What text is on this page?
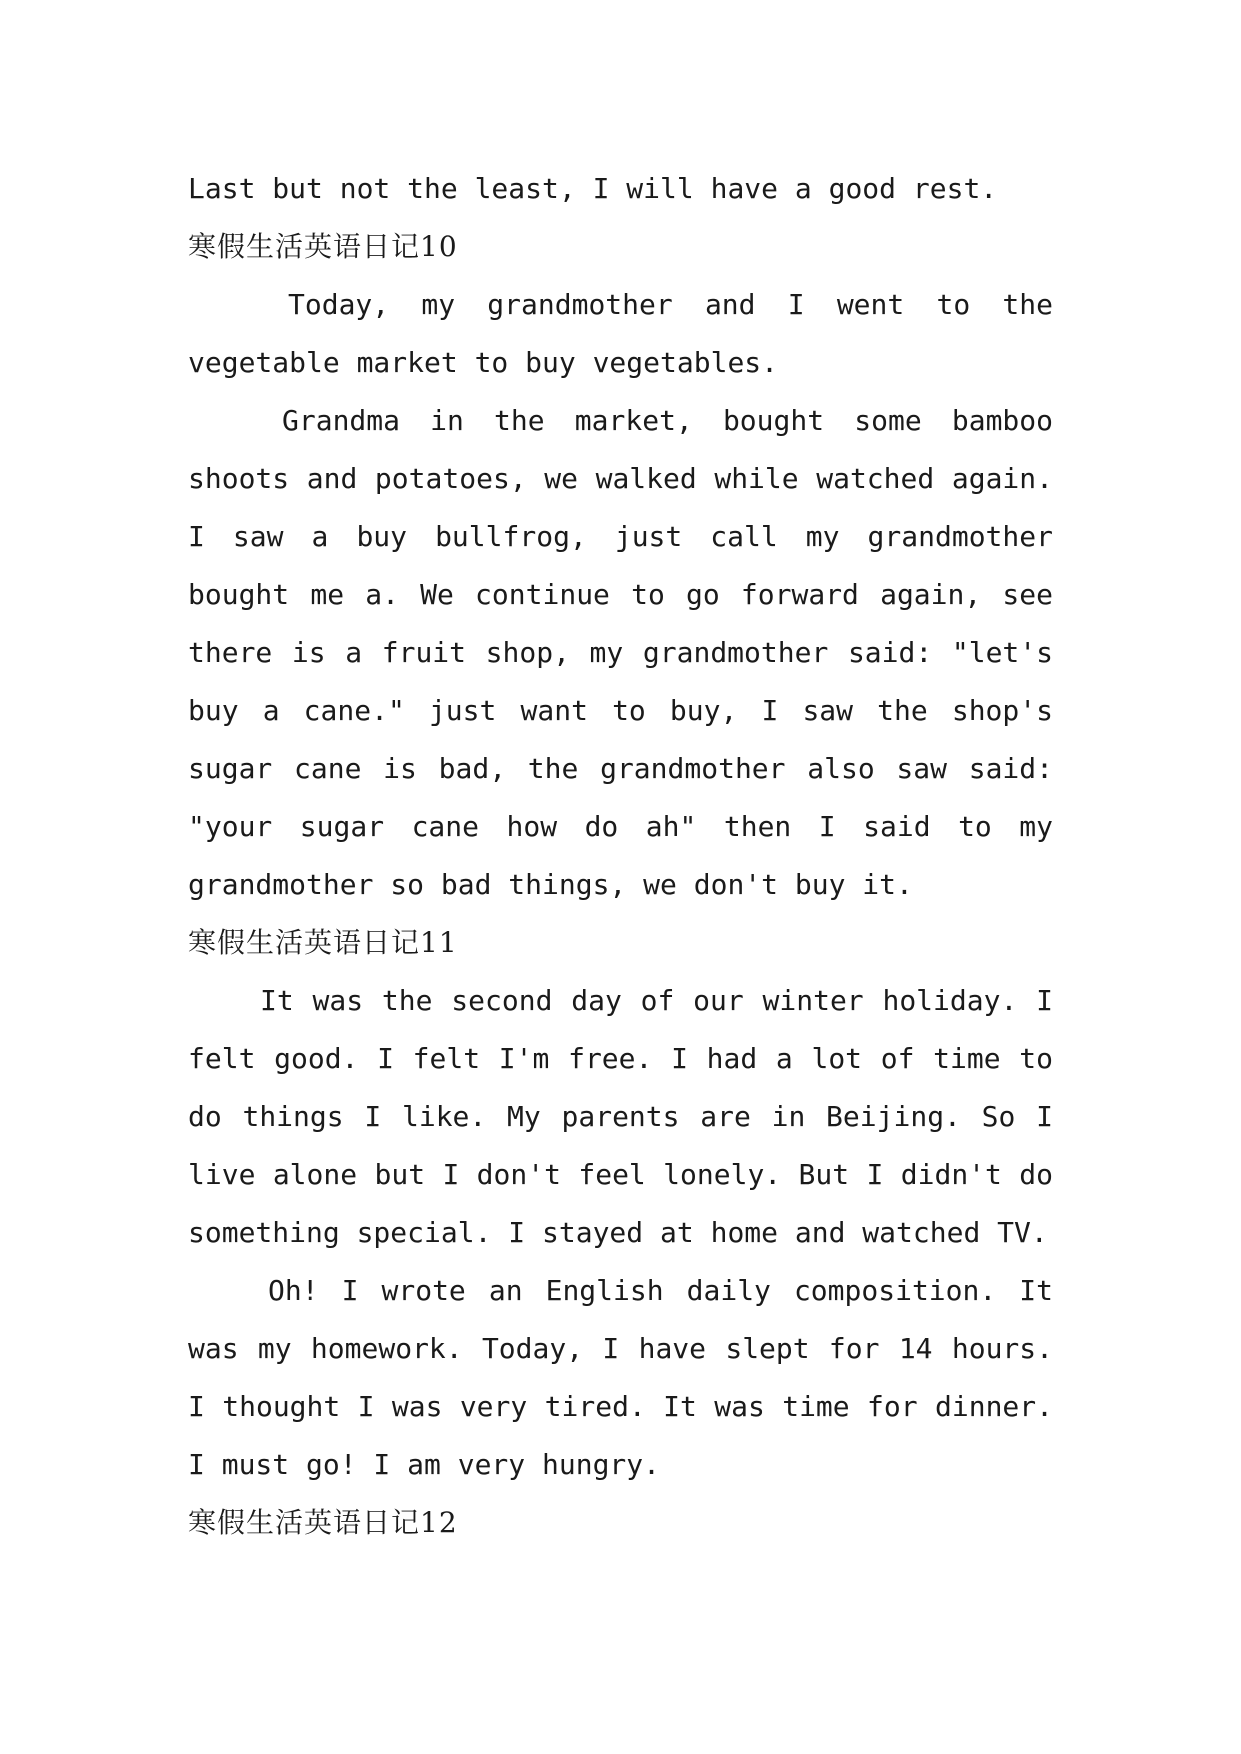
Last but not the least, I will have a good rest.
寒假生活英语日记10

Today, my grandmother and I went to the vegetable market to buy vegetables.

Grandma in the market, bought some bamboo shoots and potatoes, we walked while watched again. I saw a buy bullfrog, just call my grandmother bought me a. We continue to go forward again, see there is a fruit shop, my grandmother said: "let's buy a cane." just want to buy, I saw the shop's sugar cane is bad, the grandmother also saw said: "your sugar cane how do ah" then I said to my grandmother so bad things, we don't buy it.

寒假生活英语日记11

It was the second day of our winter holiday. I felt good. I felt I'm free. I had a lot of time to do things I like. My parents are in Beijing. So I live alone but I don't feel lonely. But I didn't do something special. I stayed at home and watched TV.

Oh! I wrote an English daily composition. It was my homework. Today, I have slept for 14 hours. I thought I was very tired. It was time for dinner. I must go! I am very hungry.

寒假生活英语日记12
